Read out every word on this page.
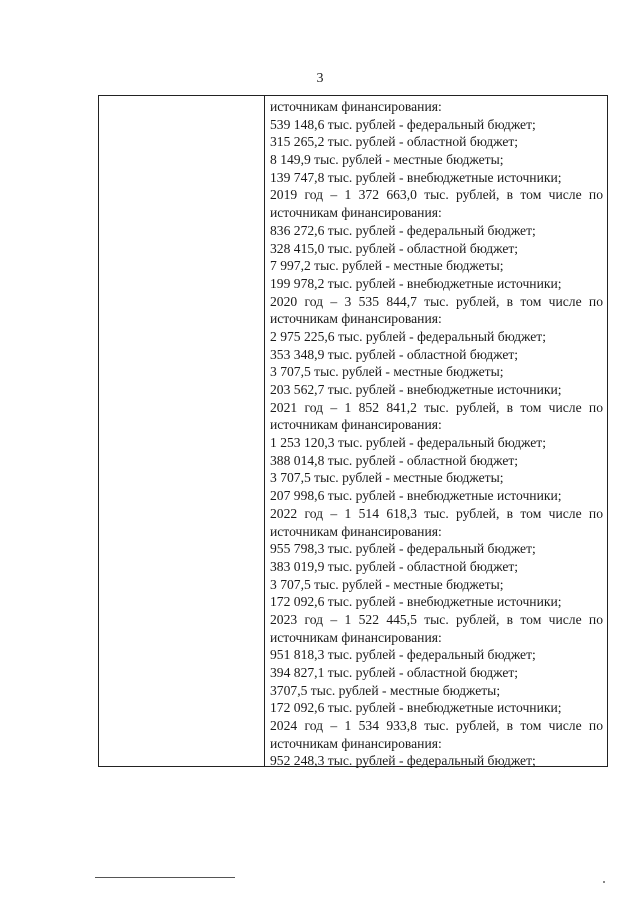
3
источникам финансирования:
539 148,6 тыс. рублей - федеральный бюджет;
315 265,2 тыс. рублей - областной бюджет;
8 149,9 тыс. рублей - местные бюджеты;
139 747,8 тыс. рублей - внебюджетные источники;
2019 год – 1 372 663,0 тыс. рублей, в том числе по
источникам финансирования:
836 272,6 тыс. рублей - федеральный бюджет;
328 415,0 тыс. рублей - областной бюджет;
7 997,2 тыс. рублей - местные бюджеты;
199 978,2 тыс. рублей - внебюджетные источники;
2020 год – 3 535 844,7 тыс. рублей, в том числе по
источникам финансирования:
2 975 225,6 тыс. рублей - федеральный бюджет;
353 348,9 тыс. рублей - областной бюджет;
3 707,5 тыс. рублей - местные бюджеты;
203 562,7 тыс. рублей - внебюджетные источники;
2021 год – 1 852 841,2 тыс. рублей, в том числе по
источникам финансирования:
1 253 120,3 тыс. рублей - федеральный бюджет;
388 014,8 тыс. рублей - областной бюджет;
3 707,5 тыс. рублей - местные бюджеты;
207 998,6 тыс. рублей - внебюджетные источники;
2022 год – 1 514 618,3 тыс. рублей, в том числе по
источникам финансирования:
955 798,3 тыс. рублей - федеральный бюджет;
383 019,9 тыс. рублей - областной бюджет;
3 707,5 тыс. рублей - местные бюджеты;
172 092,6 тыс. рублей - внебюджетные источники;
2023 год – 1 522 445,5 тыс. рублей, в том числе по
источникам финансирования:
951 818,3 тыс. рублей - федеральный бюджет;
394 827,1 тыс. рублей - областной бюджет;
3707,5 тыс. рублей - местные бюджеты;
172 092,6 тыс. рублей - внебюджетные источники;
2024 год – 1 534 933,8 тыс. рублей, в том числе по
источникам финансирования:
952 248,3 тыс. рублей - федеральный бюджет;
